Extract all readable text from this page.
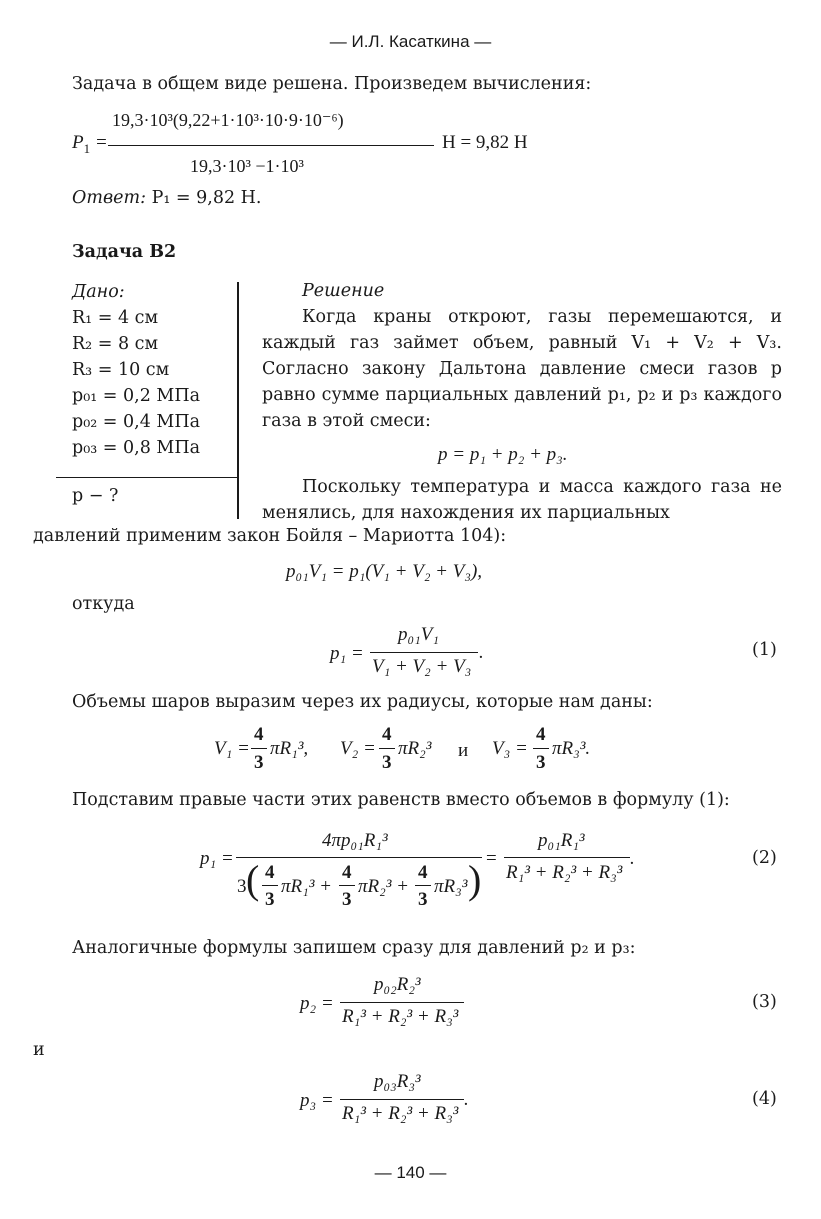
— И.Л. Касаткина —
Задача в общем виде решена. Произведем вычисления:
$P_1$ =
19,3·10³(9,22+1·10³·10·9·10⁻⁶)
19,3·10³ −1·10³
Н = 9,82 Н
Ответ: P₁ = 9,82 Н.
Задача В2
Дано:
R₁ = 4 см
R₂ = 8 см
R₃ = 10 см
p₀₁ = 0,2 МПа
p₀₂ = 0,4 МПа
p₀₃ = 0,8 МПа
p − ?
Решение
Когда краны откроют, газы перемешаются, и каждый газ займет объем, равный V₁ + V₂ + V₃. Согласно закону Дальтона давление смеси газов p равно сумме парциальных давлений p₁, p₂ и p₃ каждого газа в этой смеси:
p = p₁ + p₂ + p₃.
Поскольку температура и масса каждого газа не менялись, для нахождения их парциальных
давлений применим закон Бойля – Мариотта 104):
p₀₁V₁ = p₁(V₁ + V₂ + V₃),
откуда
p₁ =
p₀₁V₁
V₁ + V₂ + V₃
.	(1)
Объемы шаров выразим через их радиусы, которые нам даны:
V₁ =
4
3
πR₁³, V₂ =
4
3
πR₂³ и V₃ =
4
3
πR₃³.
Подставим правые части этих равенств вместо объемов в формулу (1):
p₁ =
4πp₀₁R₁³
3 ( 4
3
πR₁³ +
4
3
πR₂³ +
4
3
πR₃³ ) =
p₀₁R₁³
R₁³ + R₂³ + R₃³
.	(2)
Аналогичные формулы запишем сразу для давлений p₂ и p₃:
p₂ =
p₀₂R₂³
R₁³ + R₂³ + R₃³
(3)
и
p₃ =
p₀₃R₃³
R₁³ + R₂³ + R₃³
.	(4)
— 140 —
